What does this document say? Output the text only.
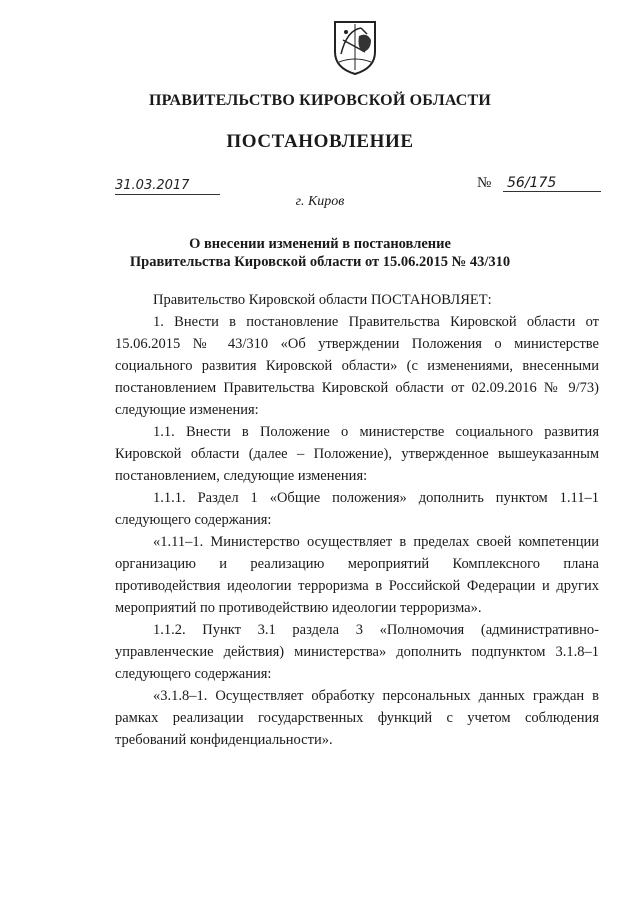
ПРАВИТЕЛЬСТВО КИРОВСКОЙ ОБЛАСТИ
ПОСТАНОВЛЕНИЕ
31.03.2017	№ 56/175
г. Киров
О внесении изменений в постановление
Правительства Кировской области от 15.06.2015 № 43/310

Правительство Кировской области ПОСТАНОВЛЯЕТ:

1. Внести в постановление Правительства Кировской области от 15.06.2015 № 43/310 «Об утверждении Положения о министерстве социального развития Кировской области» (с изменениями, внесенными постановлением Правительства Кировской области от 02.09.2016 № 9/73) следующие изменения:

1.1. Внести в Положение о министерстве социального развития Кировской области (далее – Положение), утвержденное вышеуказанным постановлением, следующие изменения:

1.1.1. Раздел 1 «Общие положения» дополнить пунктом 1.11–1 следующего содержания:

«1.11–1. Министерство осуществляет в пределах своей компетенции организацию и реализацию мероприятий Комплексного плана противодействия идеологии терроризма в Российской Федерации и других мероприятий по противодействию идеологии терроризма».

1.1.2. Пункт 3.1 раздела 3 «Полномочия (административно-управленческие действия) министерства» дополнить подпунктом 3.1.8–1 следующего содержания:

«3.1.8–1. Осуществляет обработку персональных данных граждан в рамках реализации государственных функций с учетом соблюдения требований конфиденциальности».
